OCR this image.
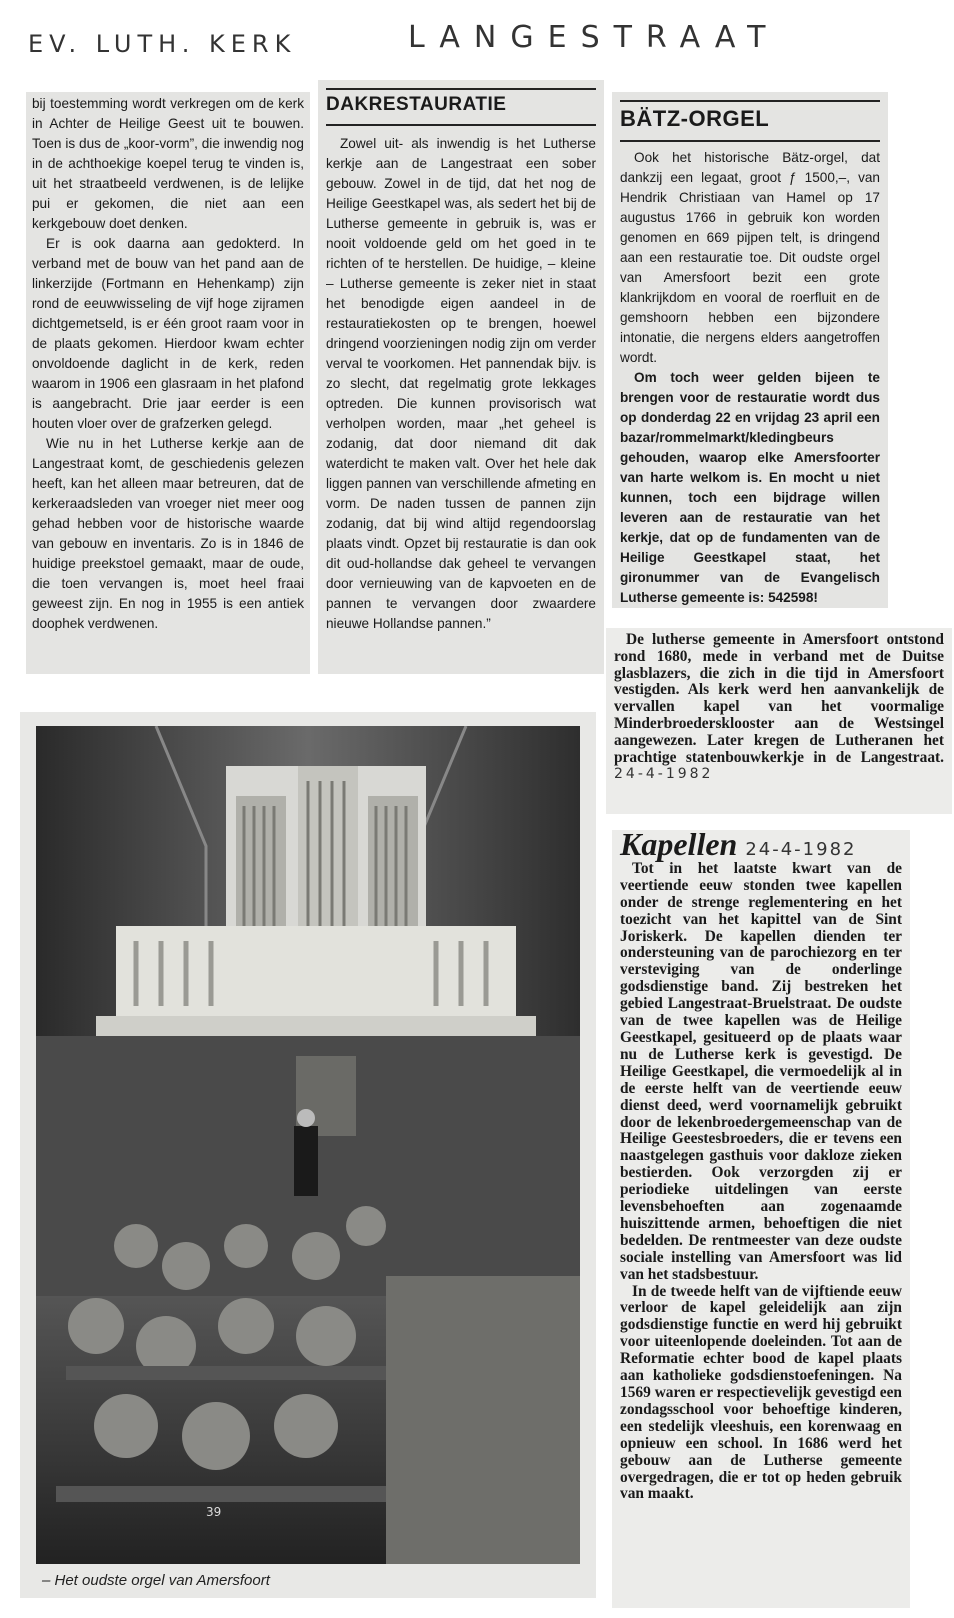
EV. LUTH. KERK	LANGESTRAAT

bij toestemming wordt verkregen om de kerk in Achter de Heilige Geest uit te bouwen. Toen is dus de „koor-vorm”, die inwendig nog in de achthoekige koepel terug te vinden is, uit het straatbeeld verdwenen, is de lelijke pui er gekomen, die niet aan een kerkgebouw doet denken.

Er is ook daarna aan gedokterd. In verband met de bouw van het pand aan de linkerzijde (Fortmann en Hehenkamp) zijn rond de eeuwwisseling de vijf hoge zijramen dichtgemetseld, is er één groot raam voor in de plaats gekomen. Hierdoor kwam echter onvoldoende daglicht in de kerk, reden waarom in 1906 een glasraam in het plafond is aangebracht. Drie jaar eerder is een houten vloer over de grafzerken gelegd.

Wie nu in het Lutherse kerkje aan de Langestraat komt, de geschiedenis gelezen heeft, kan het alleen maar betreuren, dat de kerkeraadsleden van vroeger niet meer oog gehad hebben voor de historische waarde van gebouw en inventaris. Zo is in 1846 de huidige preekstoel gemaakt, maar de oude, die toen vervangen is, moet heel fraai geweest zijn. En nog in 1955 is een antiek doophek verdwenen.

DAKRESTAURATIE

Zowel uit- als inwendig is het Lutherse kerkje aan de Langestraat een sober gebouw. Zowel in de tijd, dat het nog de Heilige Geestkapel was, als sedert het bij de Lutherse gemeente in gebruik is, was er nooit voldoende geld om het goed in te richten of te herstellen. De huidige, – kleine – Lutherse gemeente is zeker niet in staat het benodigde eigen aandeel in de restauratiekosten op te brengen, hoewel dringend voorzieningen nodig zijn om verder verval te voorkomen. Het pannendak bijv. is zo slecht, dat regelmatig grote lekkages optreden. Die kunnen provisorisch wat verholpen worden, maar „het geheel is zodanig, dat door niemand dit dak waterdicht te maken valt. Over het hele dak liggen pannen van verschillende afmeting en vorm. De naden tussen de pannen zijn zodanig, dat bij wind altijd regendoorslag plaats vindt. Opzet bij restauratie is dan ook dit oud-hollandse dak geheel te vervangen door vernieuwing van de kapvoeten en de pannen te vervangen door zwaardere nieuwe Hollandse pannen.”

BÄTZ-ORGEL

Ook het historische Bätz-orgel, dat dankzij een legaat, groot ƒ 1500,–, van Hendrik Christiaan van Hamel op 17 augustus 1766 in gebruik kon worden genomen en 669 pijpen telt, is dringend aan een restauratie toe. Dit oudste orgel van Amersfoort bezit een grote klankrijkdom en vooral de roerfluit en de gemshoorn hebben een bijzondere intonatie, die nergens elders aangetroffen wordt.

Om toch weer gelden bijeen te brengen voor de restauratie wordt dus op donderdag 22 en vrijdag 23 april een bazar/rommelmarkt/kledingbeurs gehouden, waarop elke Amersfoorter van harte welkom is. En mocht u niet kunnen, toch een bijdrage willen leveren aan de restauratie van het kerkje, dat op de fundamenten van de Heilige Geestkapel staat, het gironummer van de Evangelisch Lutherse gemeente is: 542598!

De lutherse gemeente in Amersfoort ontstond rond 1680, mede in verband met de Duitse glasblazers, die zich in die tijd in Amersfoort vestigden. Als kerk werd hen aanvankelijk de vervallen kapel van het voormalige Minderbroedersklooster aan de Westsingel aangewezen. Later kregen de Lutheranen het prachtige statenbouwkerkje in de Langestraat. 24-4-1982

Kapellen 24-4-1982

Tot in het laatste kwart van de veertiende eeuw stonden twee kapellen onder de strenge reglementering en het toezicht van het kapittel van de Sint Joriskerk. De kapellen dienden ter ondersteuning van de parochiezorg en ter versteviging van de onderlinge godsdienstige band. Zij bestreken het gebied Langestraat-Bruelstraat. De oudste van de twee kapellen was de Heilige Geestkapel, gesitueerd op de plaats waar nu de Lutherse kerk is gevestigd. De Heilige Geestkapel, die vermoedelijk al in de eerste helft van de veertiende eeuw dienst deed, werd voornamelijk gebruikt door de lekenbroedergemeenschap van de Heilige Geestesbroeders, die er tevens een naastgelegen gasthuis voor dakloze zieken bestierden. Ook verzorgden zij er periodieke uitdelingen van eerste levensbehoeften aan zogenaamde huiszittende armen, behoeftigen die niet bedelden. De rentmeester van deze oudste sociale instelling van Amersfoort was lid van het stadsbestuur.

In de tweede helft van de vijftiende eeuw verloor de kapel geleidelijk aan zijn godsdienstige functie en werd hij gebruikt voor uiteenlopende doeleinden. Tot aan de Reformatie echter bood de kapel plaats aan katholieke godsdienstoefeningen. Na 1569 waren er respectievelijk gevestigd een zondagsschool voor behoeftige kinderen, een stedelijk vleeshuis, een korenwaag en opnieuw een school. In 1686 werd het gebouw aan de Lutherse gemeente overgedragen, die er tot op heden gebruik van maakt.

39
– Het oudste orgel van Amersfoort
